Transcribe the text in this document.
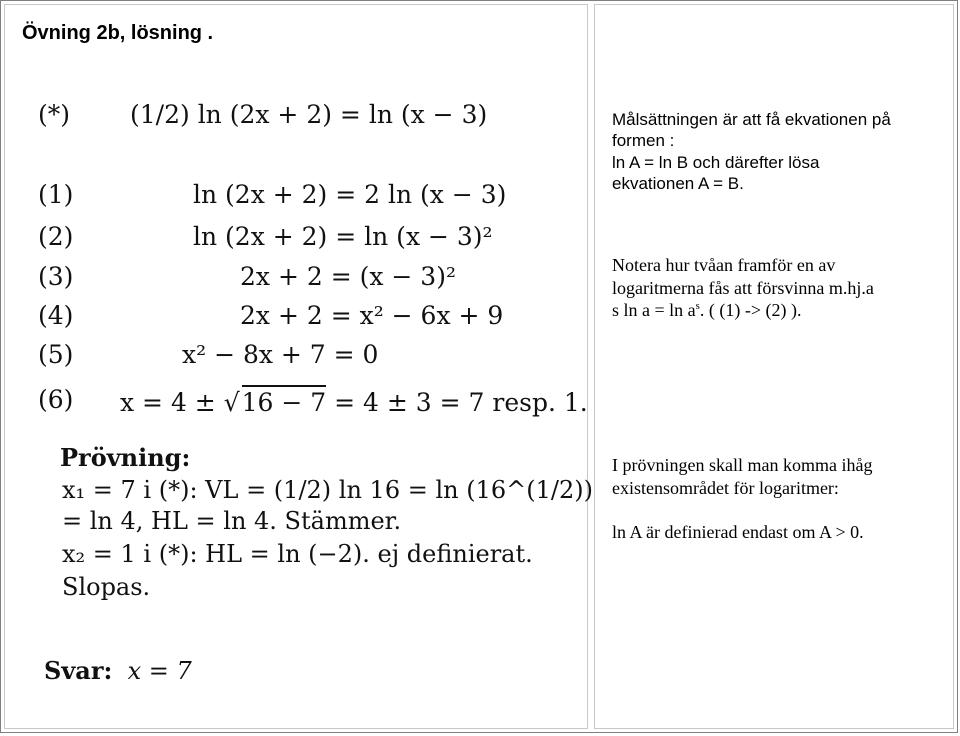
Övning 2b, lösning .
(*) (1/2) ln (2x + 2) = ln (x − 3)
(1)	ln (2x + 2) = 2 ln (x − 3)
(2)	ln (2x + 2) = ln (x − 3)²
(3)	2x + 2 = (x − 3)²
(4)	2x + 2 = x² − 6x + 9
(5)	x² − 8x + 7 = 0
(6) x = 4 ± √16 − 7 = 4 ± 3 = 7 resp. 1.
Prövning:
x₁ = 7 i (*): VL = (1/2) ln 16 = ln (16^(1/2))
= ln 4, HL = ln 4. Stämmer.
x₂ = 1 i (*): HL = ln (−2). ej definierat.
Slopas.
Svar: x = 7
Målsättningen är att få ekvationen på
formen :
ln A = ln B och därefter lösa
ekvationen A = B.
Notera hur tvåan framför en av
logaritmerna fås att försvinna m.hj.a
s $\ln a = \ln a^s$. ( (1) -> (2) ).
I prövningen skall man komma ihåg
existensområdet för logaritmer:
ln A är definierad endast om A > 0.
